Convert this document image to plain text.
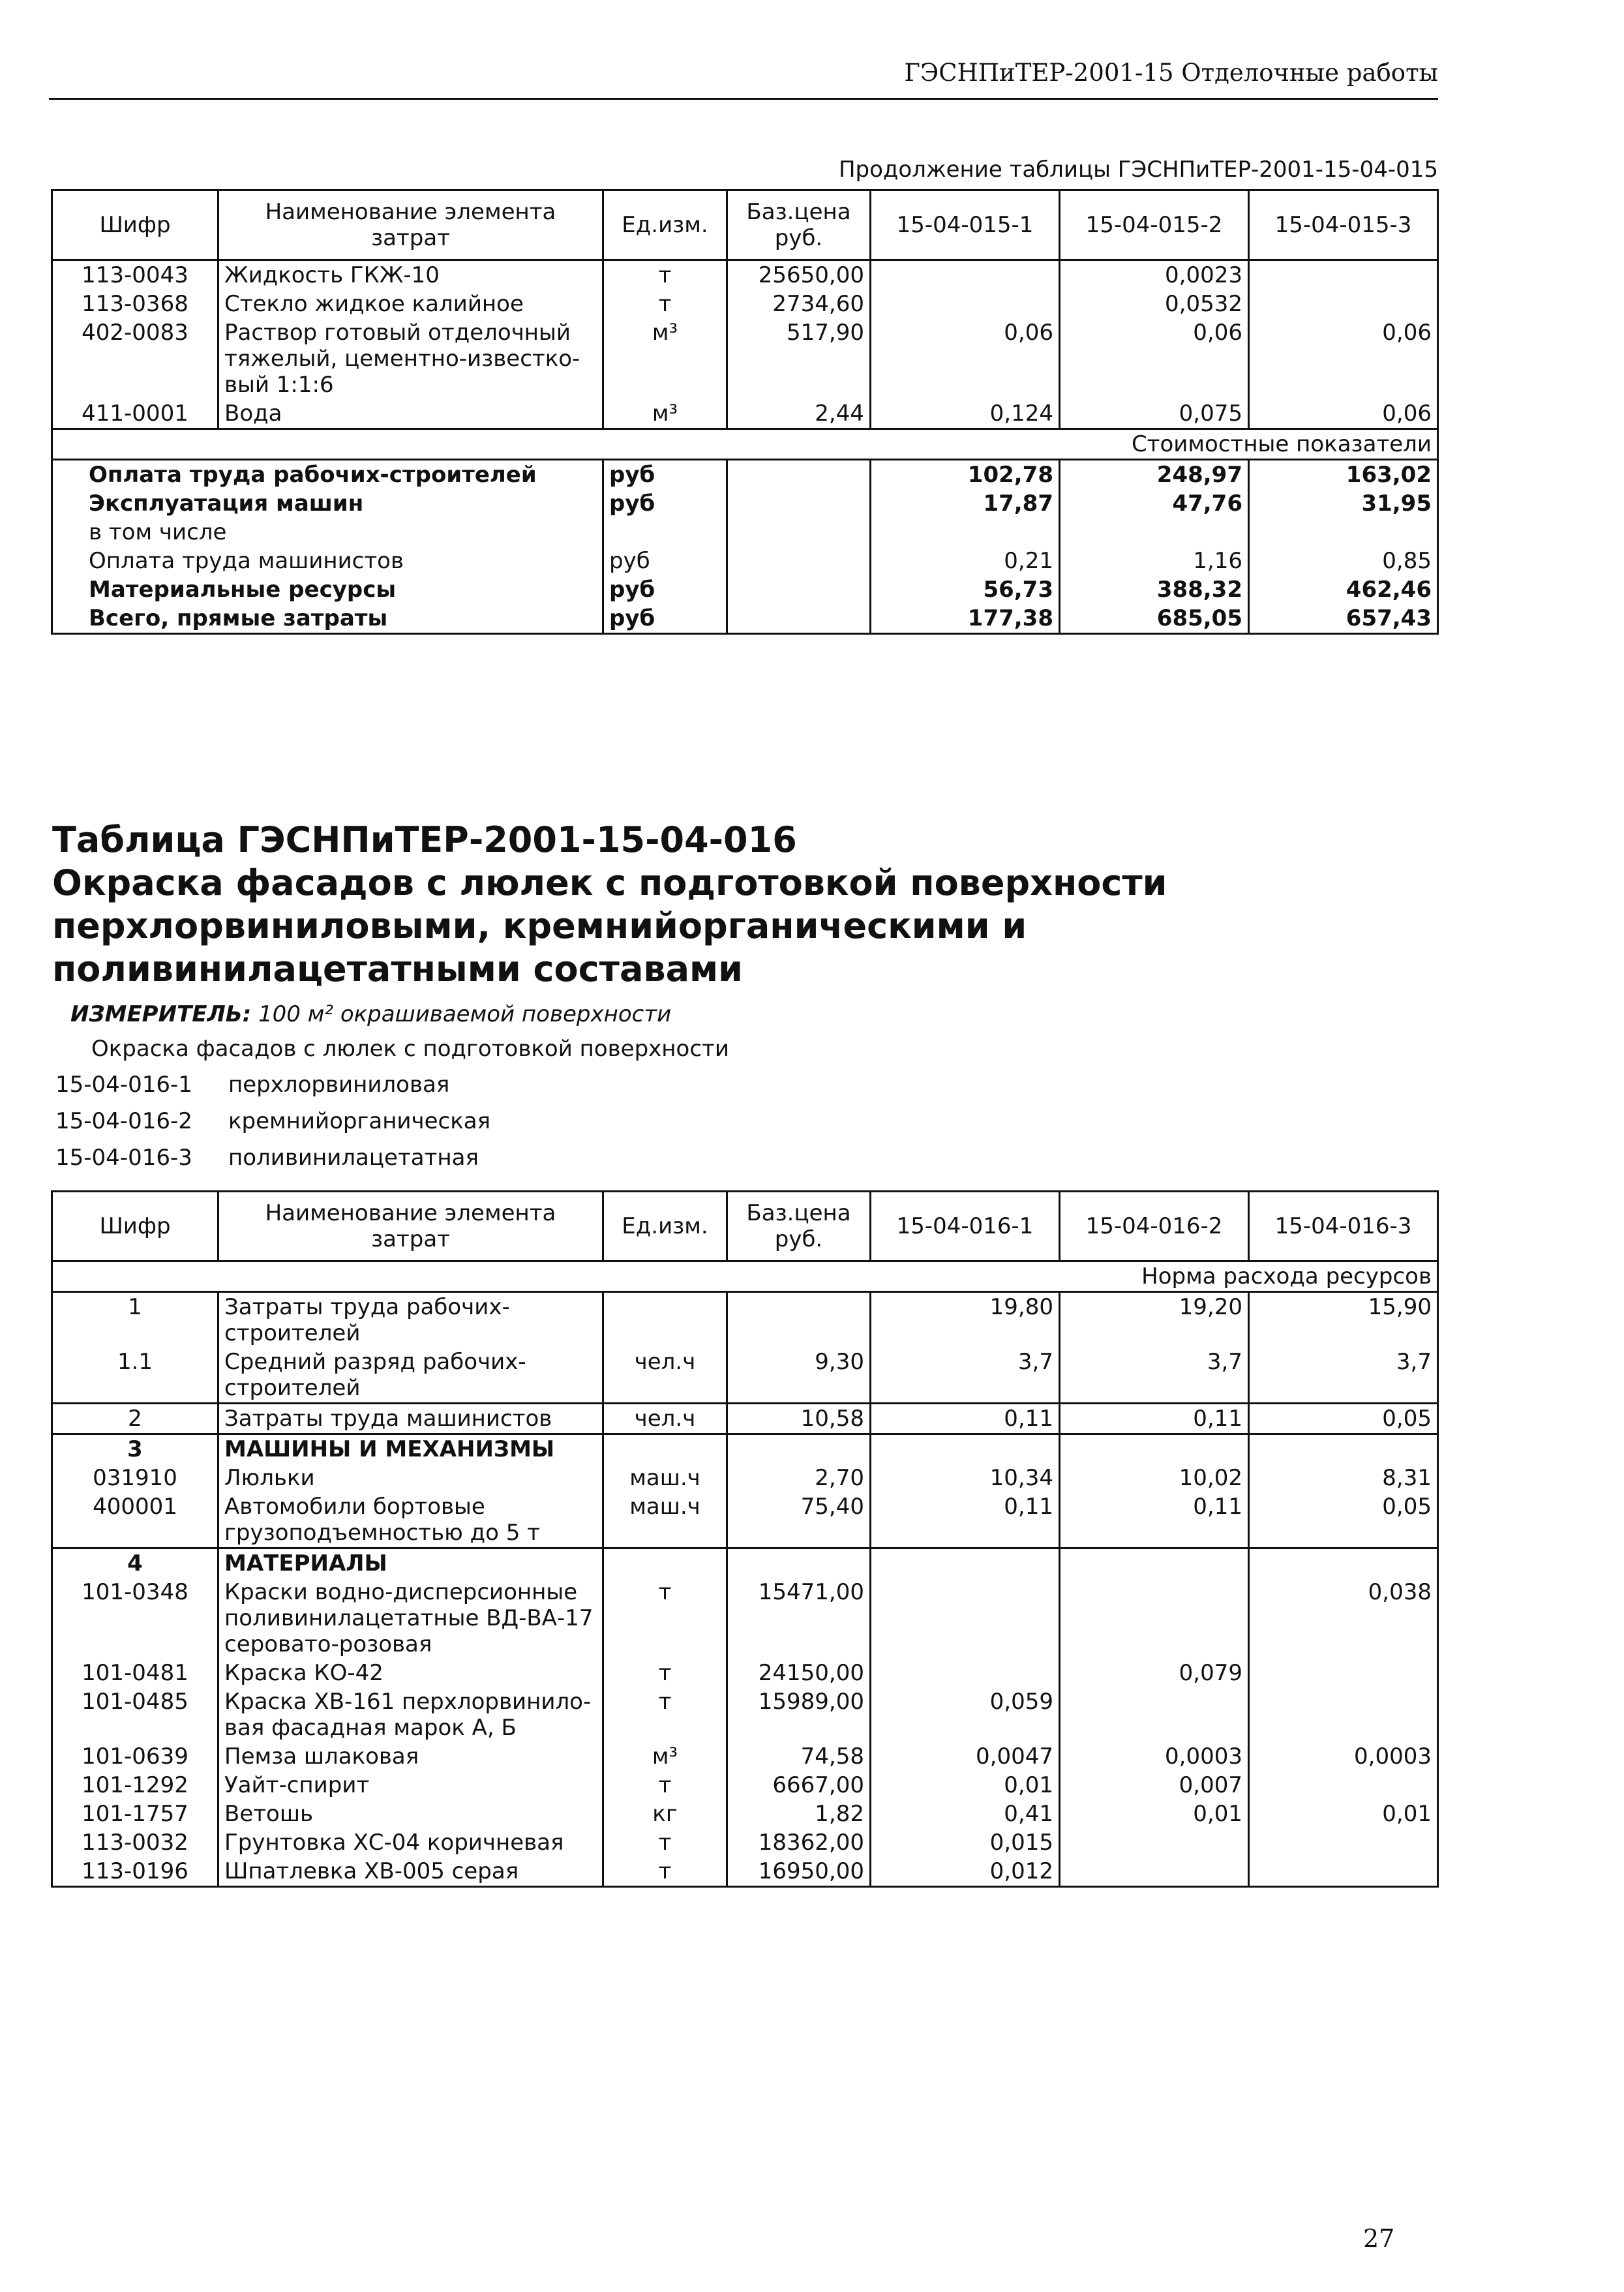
ГЭСНПиТЕР-2001-15 Отделочные работы
Продолжение таблицы ГЭСНПиТЕР-2001-15-04-015
Шифр	Наименование элемента затрат	Ед.изм.	Баз.цена руб.	15-04-015-1	15-04-015-2	15-04-015-3
113-0043	Жидкость ГКЖ-10	т	25650,00		0,0023	
113-0368	Стекло жидкое калийное	т	2734,60		0,0532	
402-0083	Раствор готовый отделочный тяжелый, цементно-известко-вый 1:1:6	м³	517,90	0,06	0,06	0,06
411-0001	Вода	м³	2,44	0,124	0,075	0,06
Стоимостные показатели						
Оплата труда рабочих-строителей		руб		102,78	248,97	163,02
Эксплуатация машин		руб		17,87	47,76	31,95
в том числе						
Оплата труда машинистов		руб		0,21	1,16	0,85
Материальные ресурсы		руб		56,73	388,32	462,46
Всего, прямые затраты		руб		177,38	685,05	657,43
Таблица ГЭСНПиТЕР-2001-15-04-016
Окраска фасадов с люлек с подготовкой поверхности
перхлорвиниловыми, кремнийорганическими и
поливинилацетатными составами
ИЗМЕРИТЕЛЬ: 100 м² окрашиваемой поверхности
Окраска фасадов с люлек с подготовкой поверхности
15-04-016-1 перхлорвиниловая
15-04-016-2 кремнийорганическая
15-04-016-3 поливинилацетатная
Шифр	Наименование элемента затрат	Ед.изм.	Баз.цена руб.	15-04-016-1	15-04-016-2	15-04-016-3
Норма расхода ресурсов						
1	Затраты труда рабочих-строителей			19,80	19,20	15,90
1.1	Средний разряд рабочих-строителей	чел.ч	9,30	3,7	3,7	3,7
2	Затраты труда машинистов	чел.ч	10,58	0,11	0,11	0,05
3	МАШИНЫ И МЕХАНИЗМЫ					
031910	Люльки	маш.ч	2,70	10,34	10,02	8,31
400001	Автомобили бортовые грузоподъемностью до 5 т	маш.ч	75,40	0,11	0,11	0,05
4	МАТЕРИАЛЫ					
101-0348	Краски водно-дисперсионные поливинилацетатные ВД-ВА-17 серовато-розовая	т	15471,00			0,038
101-0481	Краска КО-42	т	24150,00		0,079	
101-0485	Краска ХВ-161 перхлорвинило-вая фасадная марок А, Б	т	15989,00	0,059		
101-0639	Пемза шлаковая	м³	74,58	0,0047	0,0003	0,0003
101-1292	Уайт-спирит	т	6667,00	0,01	0,007	
101-1757	Ветошь	кг	1,82	0,41	0,01	0,01
113-0032	Грунтовка ХС-04 коричневая	т	18362,00	0,015		
113-0196	Шпатлевка ХВ-005 серая	т	16950,00	0,012		
27
